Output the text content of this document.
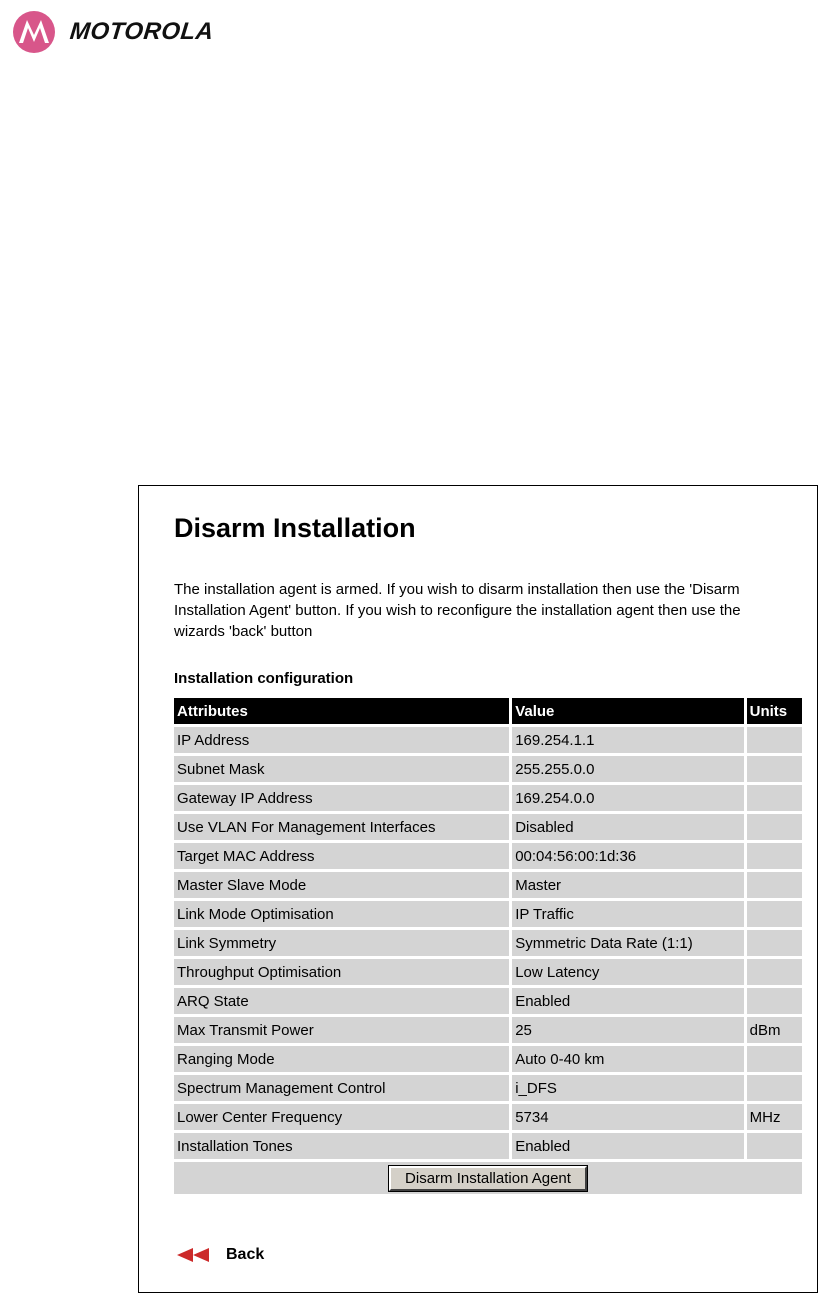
MOTOROLA
Disarm Installation

The installation agent is armed. If you wish to disarm installation then use the 'Disarm Installation Agent' button. If you wish to reconfigure the installation agent then use the wizards 'back' button

Installation configuration

Attributes	Value	Units
IP Address	169.254.1.1	
Subnet Mask	255.255.0.0	
Gateway IP Address	169.254.0.0	
Use VLAN For Management Interfaces	Disabled	
Target MAC Address	00:04:56:00:1d:36	
Master Slave Mode	Master	
Link Mode Optimisation	IP Traffic	
Link Symmetry	Symmetric Data Rate (1:1)	
Throughput Optimisation	Low Latency	
ARQ State	Enabled	
Max Transmit Power	25	dBm
Ranging Mode	Auto 0-40 km	
Spectrum Management Control	i_DFS	
Lower Center Frequency	5734	MHz
Installation Tones	Enabled	
Disarm Installation Agent		
Back
